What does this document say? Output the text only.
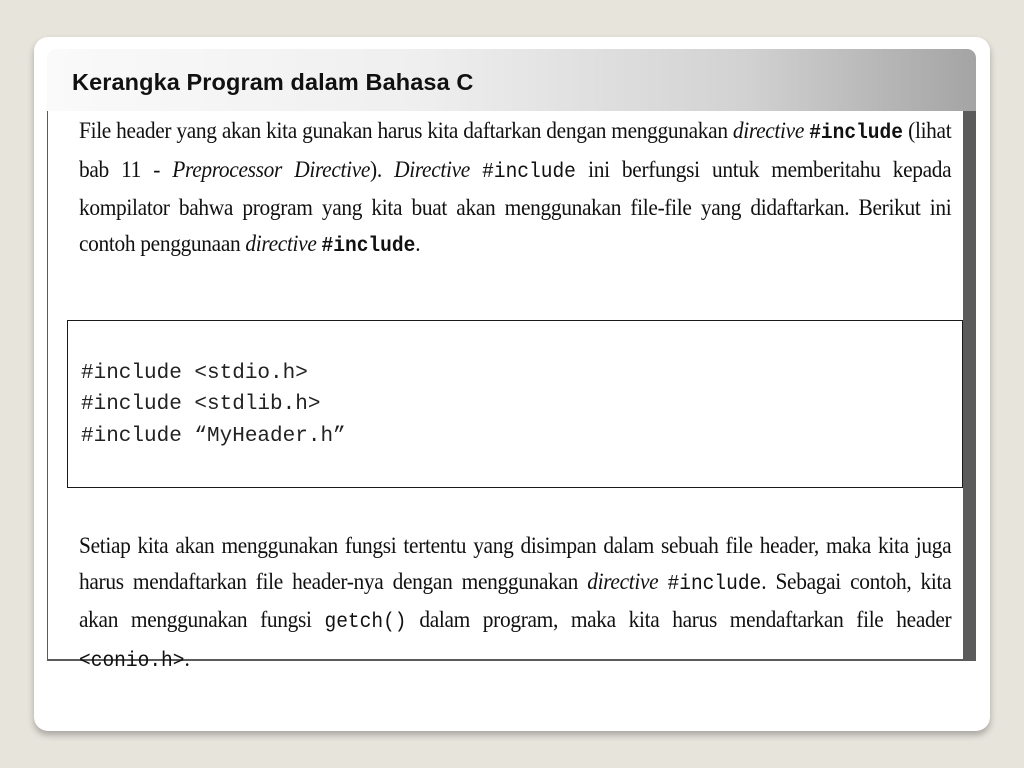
Kerangka Program dalam Bahasa C

File header yang akan kita gunakan harus kita daftarkan dengan menggunakan directive #include (lihat bab 11 - Preprocessor Directive). Directive #include ini berfungsi untuk memberitahu kepada kompilator bahwa program yang kita buat akan menggunakan file-file yang didaftarkan. Berikut ini contoh penggunaan directive #include.

#include <stdio.h>
#include <stdlib.h>
#include “MyHeader.h”

Setiap kita akan menggunakan fungsi tertentu yang disimpan dalam sebuah file header, maka kita juga harus mendaftarkan file header-nya dengan menggunakan directive #include. Sebagai contoh, kita akan menggunakan fungsi getch() dalam program, maka kita harus mendaftarkan file header <conio.h>.
